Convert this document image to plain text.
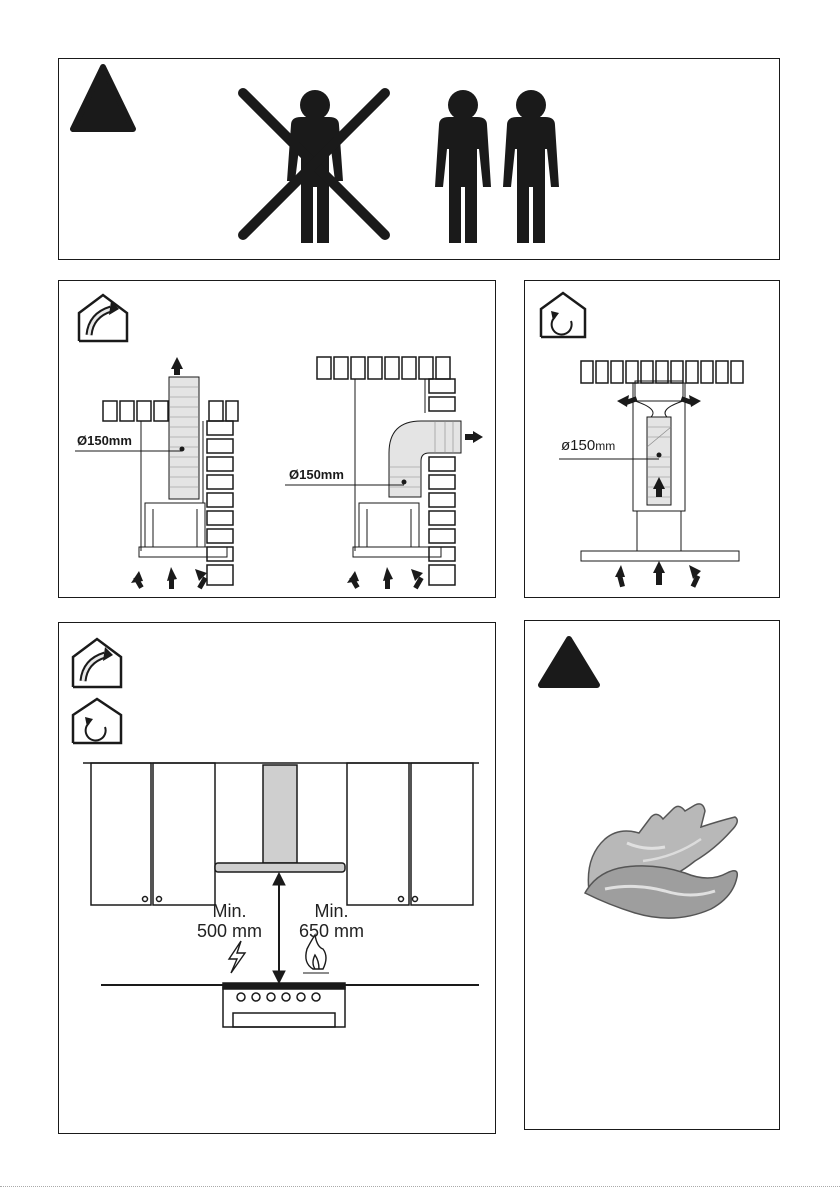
Ø150mm
Ø150mm
ø150mm
Min.
500 mm
Min.
650 mm
